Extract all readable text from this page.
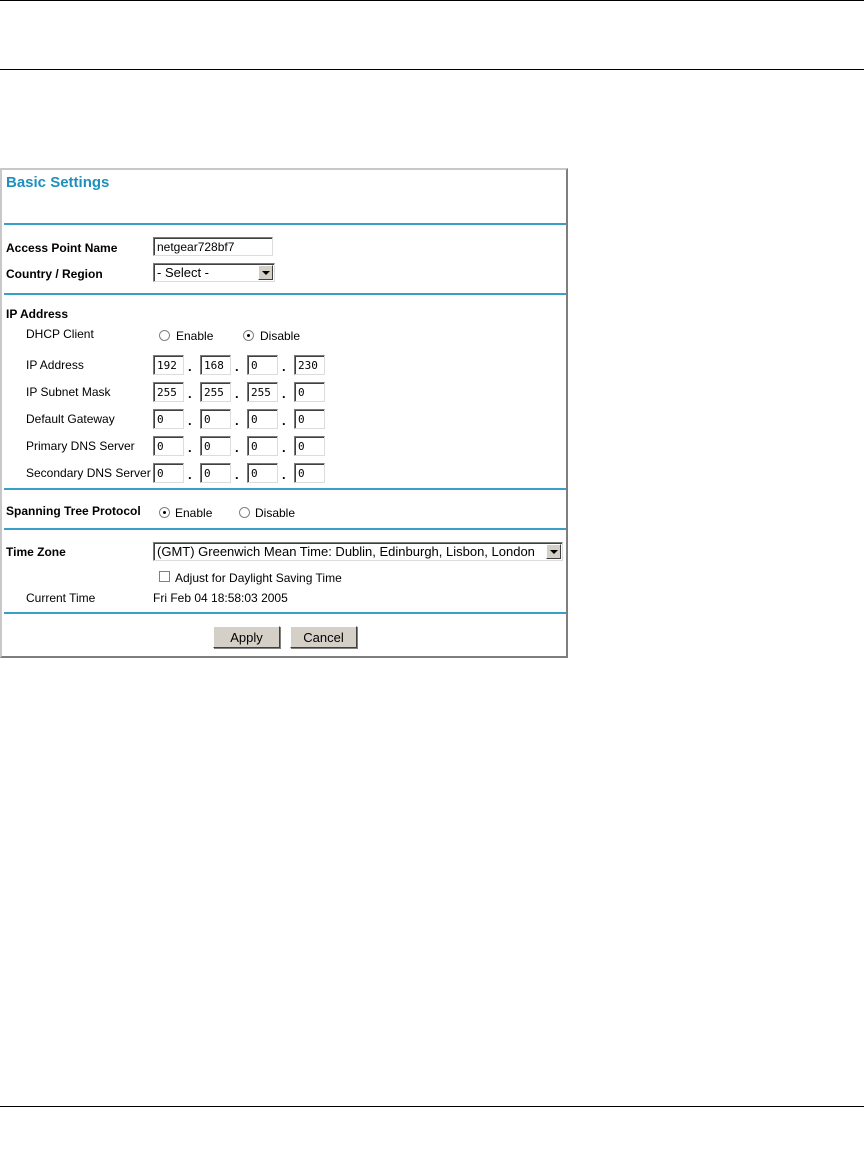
Basic Settings
Access Point Name	netgear728bf7
Country / Region	- Select -
IP Address
DHCP Client	Enable	Disable
IP Address	192 .	168 .	0	.	230
IP Subnet Mask	255 .	255 .	255 .	0
Default Gateway	0	.	0	.	0	.	0
Primary DNS Server	0	.	0	.	0	.	0
Secondary DNS Server 0	.	0	.	0	.	0
Spanning Tree Protocol	Enable	Disable
Time Zone	(GMT) Greenwich Mean Time: Dublin, Edinburgh, Lisbon, London
Adjust for Daylight Saving Time
Current Time	Fri Feb 04 18:58:03 2005
Apply	Cancel
